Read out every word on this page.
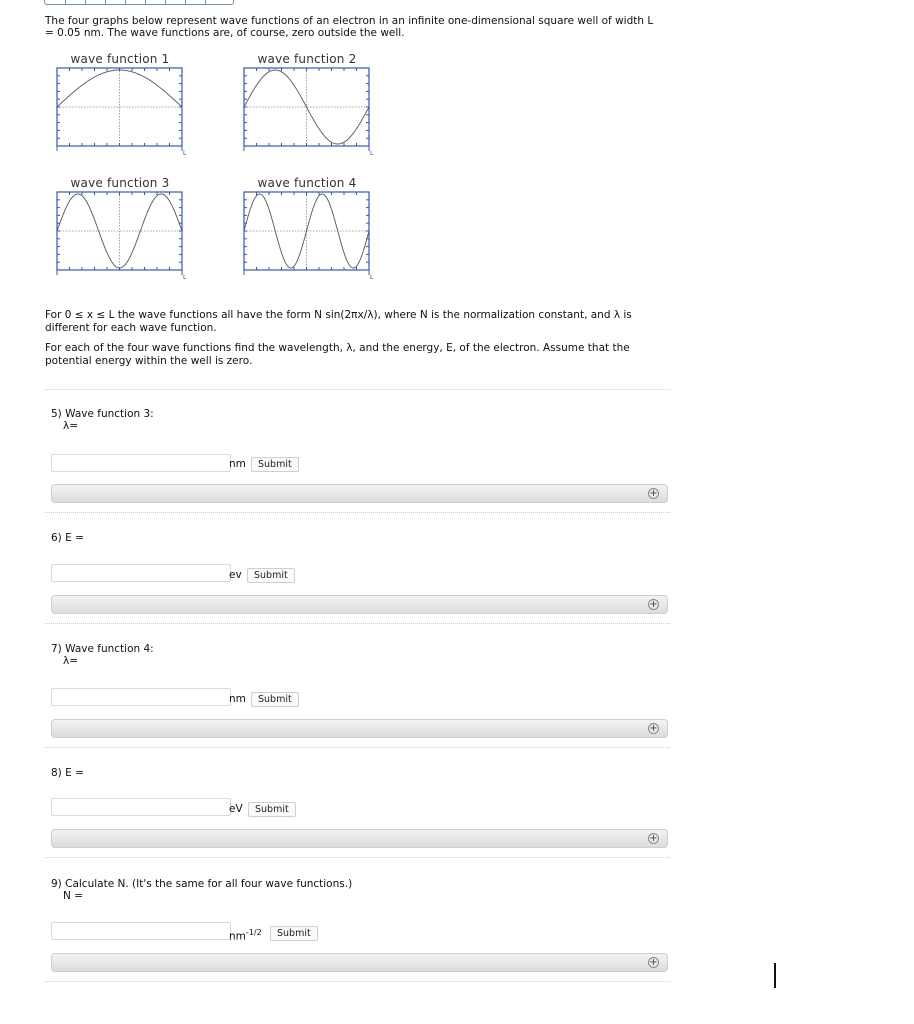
The four graphs below represent wave functions of an electron in an infinite one-dimensional square well of width L = 0.05 nm. The wave functions are, of course, zero outside the well.
wave function 1
L
wave function 2
L
wave function 3
L
wave function 4
L
For 0 ≤ x ≤ L the wave functions all have the form N sin(2πx/λ), where N is the normalization constant, and λ is different for each wave function.
For each of the four wave functions find the wavelength, λ, and the energy, E, of the electron. Assume that the potential energy within the well is zero.
5) Wave function 3:
λ=
nm	Submit
+
6) E =
ev	Submit
+
7) Wave function 4:
λ=
nm	Submit
+
8) E =
eV	Submit
+
9) Calculate N. (It's the same for all four wave functions.)
N =
$nm^{-1/2}$	Submit
+
